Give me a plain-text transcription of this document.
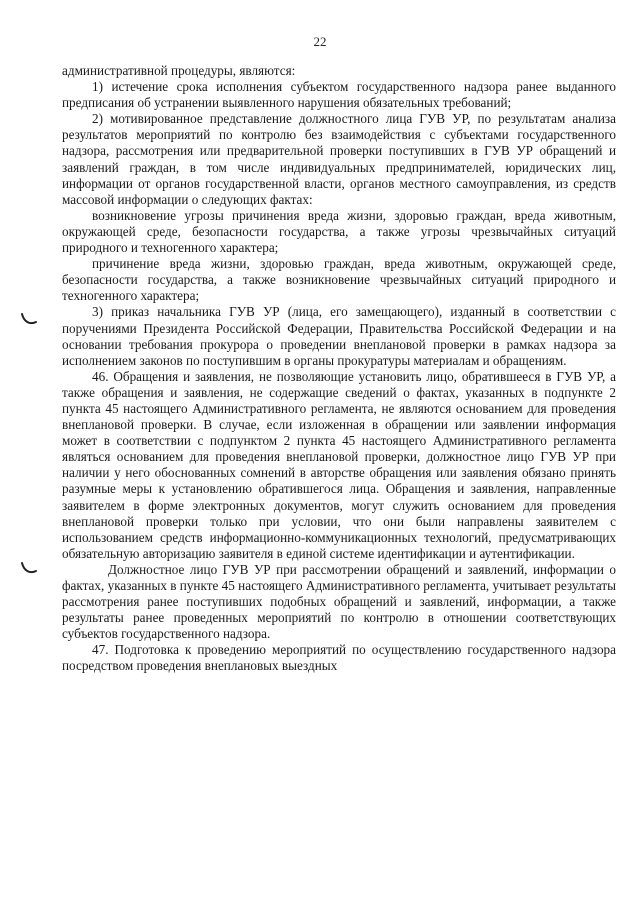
22

административной процедуры, являются:

1) истечение срока исполнения субъектом государственного надзора ранее выданного предписания об устранении выявленного нарушения обязательных требований;

2) мотивированное представление должностного лица ГУВ УР, по результатам анализа результатов мероприятий по контролю без взаимодействия с субъектами государственного надзора, рассмотрения или предварительной проверки поступивших в ГУВ УР обращений и заявлений граждан, в том числе индивидуальных предпринимателей, юридических лиц, информации от органов государственной власти, органов местного самоуправления, из средств массовой информации о следующих фактах:

возникновение угрозы причинения вреда жизни, здоровью граждан, вреда животным, окружающей среде, безопасности государства, а также угрозы чрезвычайных ситуаций природного и техногенного характера;

причинение вреда жизни, здоровью граждан, вреда животным, окружающей среде, безопасности государства, а также возникновение чрезвычайных ситуаций природного и техногенного характера;

3) приказ начальника ГУВ УР (лица, его замещающего), изданный в соответствии с поручениями Президента Российской Федерации, Правительства Российской Федерации и на основании требования прокурора о проведении внеплановой проверки в рамках надзора за исполнением законов по поступившим в органы прокуратуры материалам и обращениям.

46. Обращения и заявления, не позволяющие установить лицо, обратившееся в ГУВ УР, а также обращения и заявления, не содержащие сведений о фактах, указанных в подпункте 2 пункта 45 настоящего Административного регламента, не являются основанием для проведения внеплановой проверки. В случае, если изложенная в обращении или заявлении информация может в соответствии с подпунктом 2 пункта 45 настоящего Административного регламента являться основанием для проведения внеплановой проверки, должностное лицо ГУВ УР при наличии у него обоснованных сомнений в авторстве обращения или заявления обязано принять разумные меры к установлению обратившегося лица. Обращения и заявления, направленные заявителем в форме электронных документов, могут служить основанием для проведения внеплановой проверки только при условии, что они были направлены заявителем с использованием средств информационно-коммуникационных технологий, предусматривающих обязательную авторизацию заявителя в единой системе идентификации и аутентификации.

Должностное лицо ГУВ УР при рассмотрении обращений и заявлений, информации о фактах, указанных в пункте 45 настоящего Административного регламента, учитывает результаты рассмотрения ранее поступивших подобных обращений и заявлений, информации, а также результаты ранее проведенных мероприятий по контролю в отношении соответствующих субъектов государственного надзора.

47. Подготовка к проведению мероприятий по осуществлению государственного надзора посредством проведения внеплановых выездных
